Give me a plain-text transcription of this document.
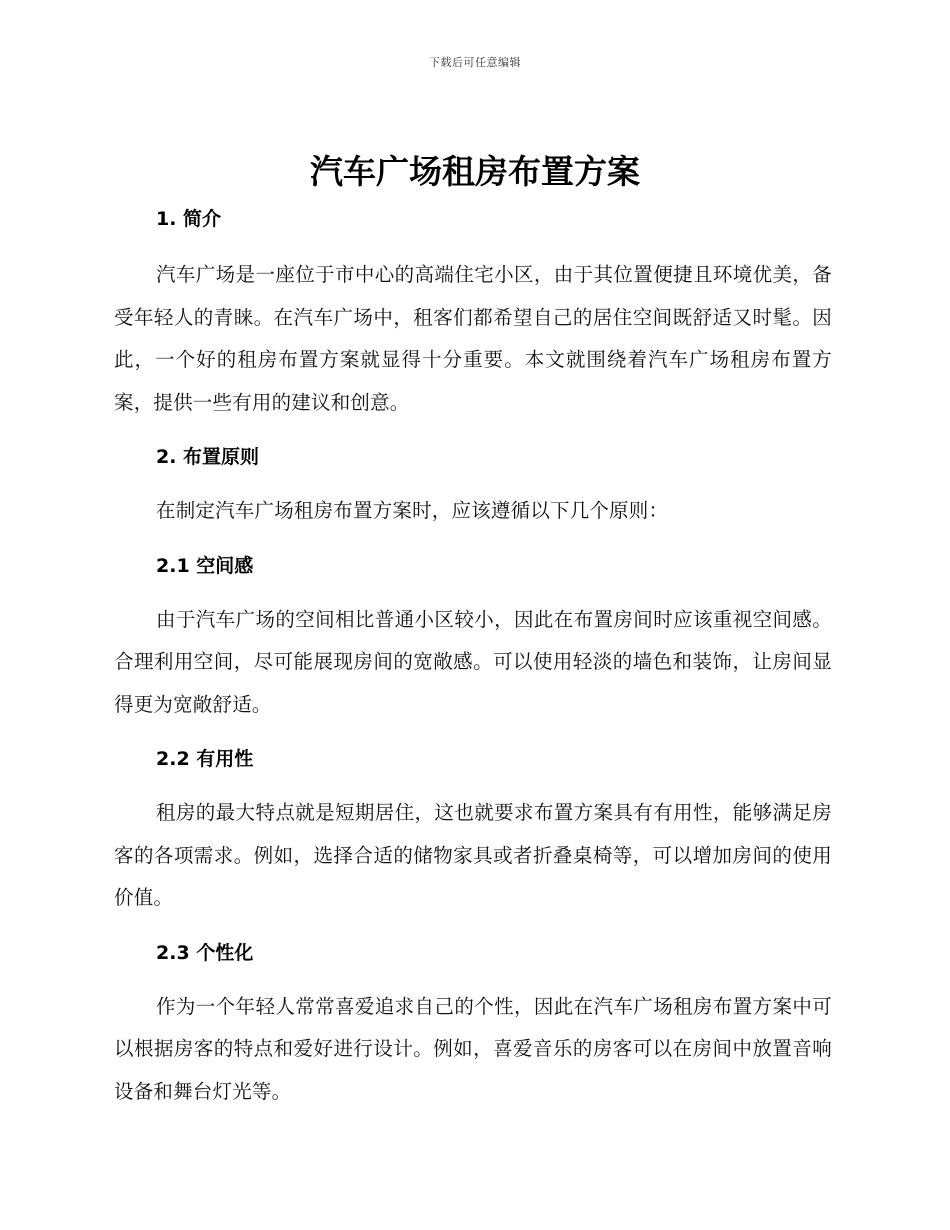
下载后可任意编辑
汽车广场租房布置方案
1. 简介

汽车广场是一座位于市中心的高端住宅小区，由于其位置便捷且环境优美，备受年轻人的青睐。在汽车广场中，租客们都希望自己的居住空间既舒适又时髦。因此，一个好的租房布置方案就显得十分重要。本文就围绕着汽车广场租房布置方案，提供一些有用的建议和创意。

2. 布置原则

在制定汽车广场租房布置方案时，应该遵循以下几个原则：

2.1 空间感

由于汽车广场的空间相比普通小区较小，因此在布置房间时应该重视空间感。合理利用空间，尽可能展现房间的宽敞感。可以使用轻淡的墙色和装饰，让房间显得更为宽敞舒适。

2.2 有用性

租房的最大特点就是短期居住，这也就要求布置方案具有有用性，能够满足房客的各项需求。例如，选择合适的储物家具或者折叠桌椅等，可以增加房间的使用价值。

2.3 个性化

作为一个年轻人常常喜爱追求自己的个性，因此在汽车广场租房布置方案中可以根据房客的特点和爱好进行设计。例如，喜爱音乐的房客可以在房间中放置音响设备和舞台灯光等。
